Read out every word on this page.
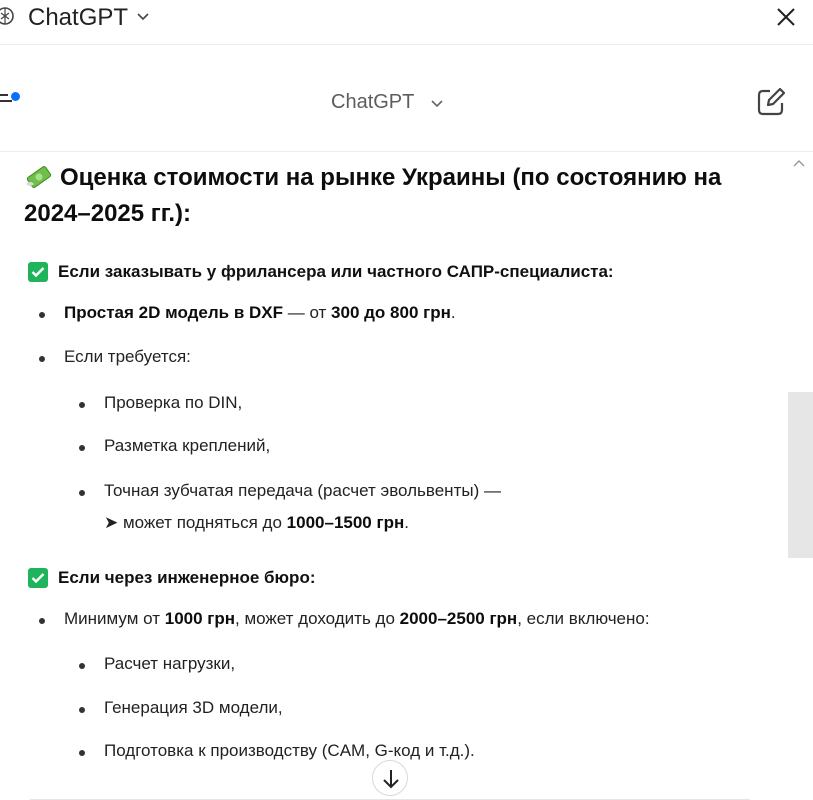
ChatGPT
ChatGPT
Оценка стоимости на рынке Украины (по состоянию на
2024–2025 гг.):
Если заказывать у фрилансера или частного САПР-специалиста:
Простая 2D модель в DXF — от 300 до 800 грн.
Если требуется:
Проверка по DIN,
Разметка креплений,
Точная зубчатая передача (расчет эвольвенты) —
➤ может подняться до 1000–1500 грн.
Если через инженерное бюро:
Минимум от 1000 грн, может доходить до 2000–2500 грн, если включено:
Расчет нагрузки,
Генерация 3D модели,
Подготовка к производству (CAM, G-код и т.д.).
